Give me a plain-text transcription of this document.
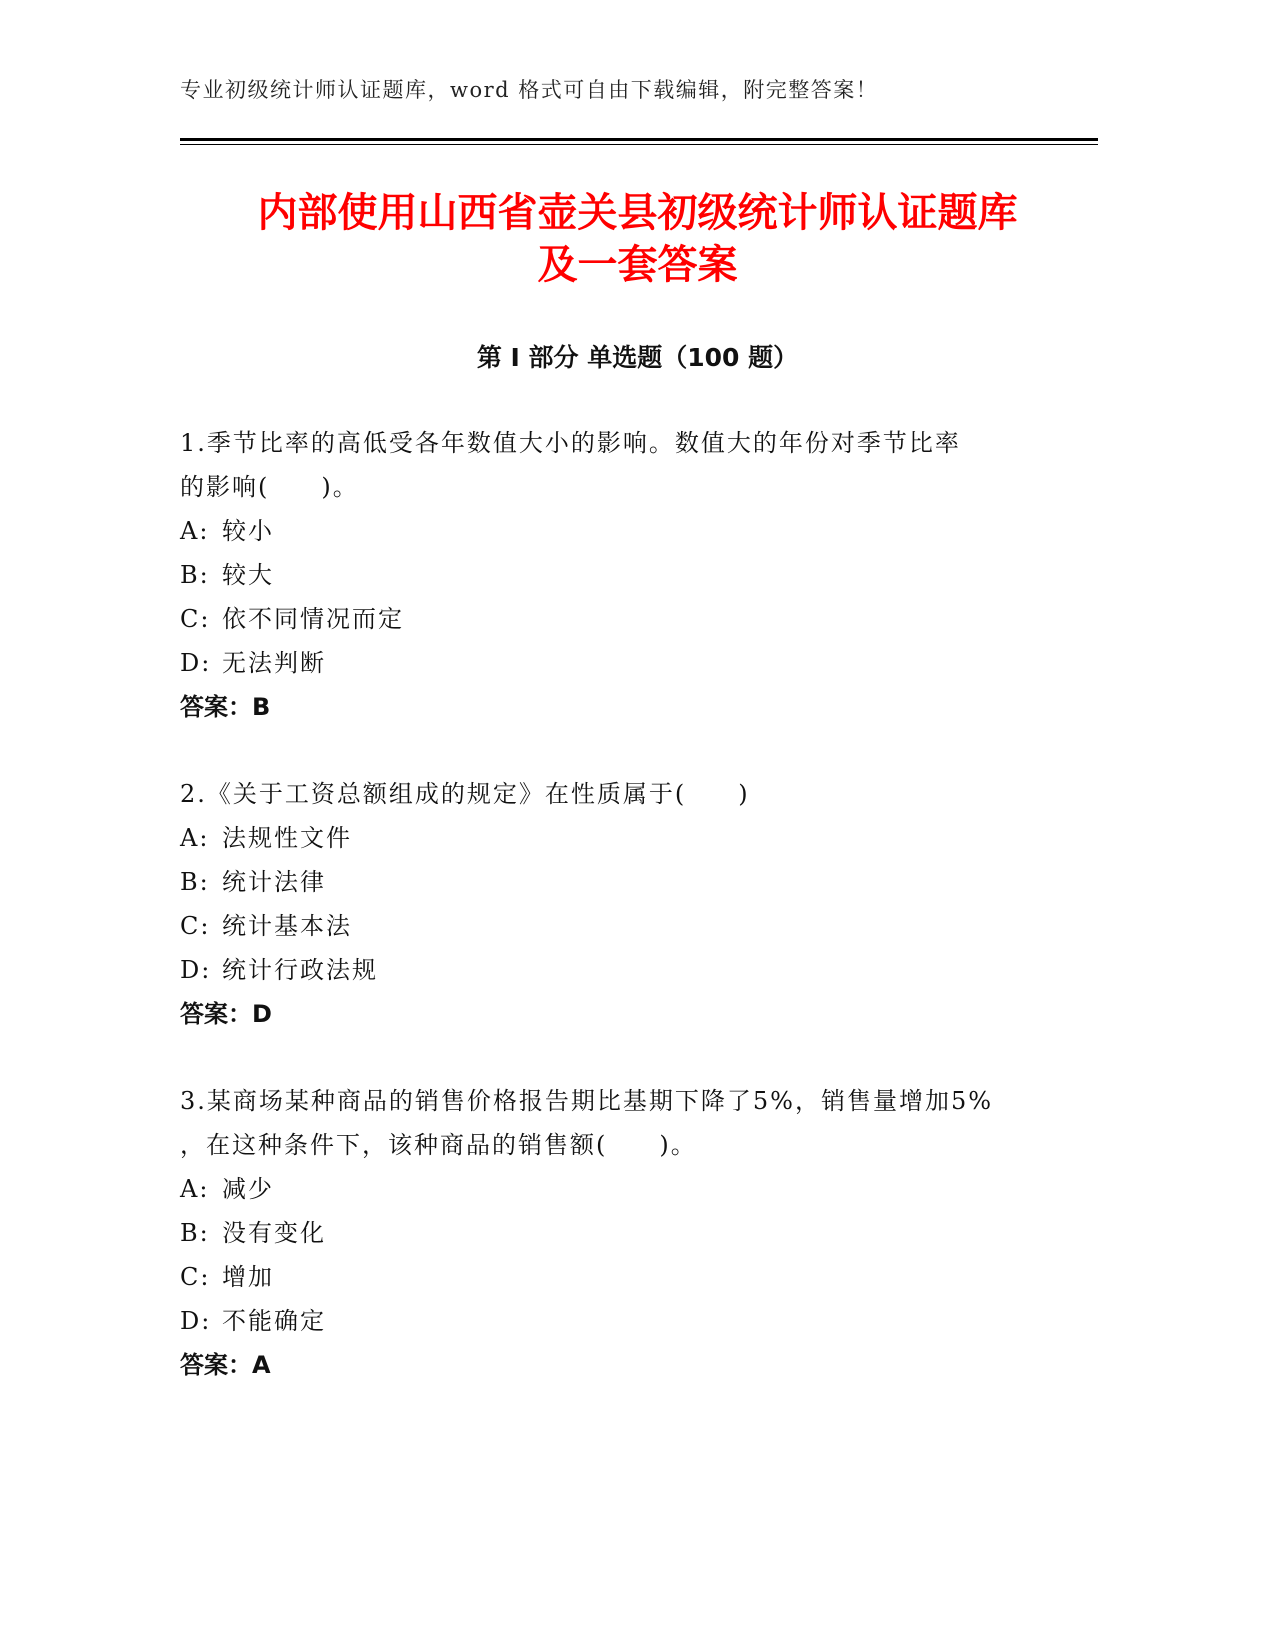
专业初级统计师认证题库，word 格式可自由下载编辑，附完整答案！
内部使用山西省壶关县初级统计师认证题库
及一套答案
第 I 部分 单选题（100 题）
1.季节比率的高低受各年数值大小的影响。数值大的年份对季节比率
的影响(　　)。
A: 较小
B: 较大
C: 依不同情况而定
D: 无法判断
答案：B
2.《关于工资总额组成的规定》在性质属于(　　)
A: 法规性文件
B: 统计法律
C: 统计基本法
D: 统计行政法规
答案：D
3.某商场某种商品的销售价格报告期比基期下降了5%，销售量增加5%
，在这种条件下，该种商品的销售额(　　)。
A: 减少
B: 没有变化
C: 增加
D: 不能确定
答案：A
